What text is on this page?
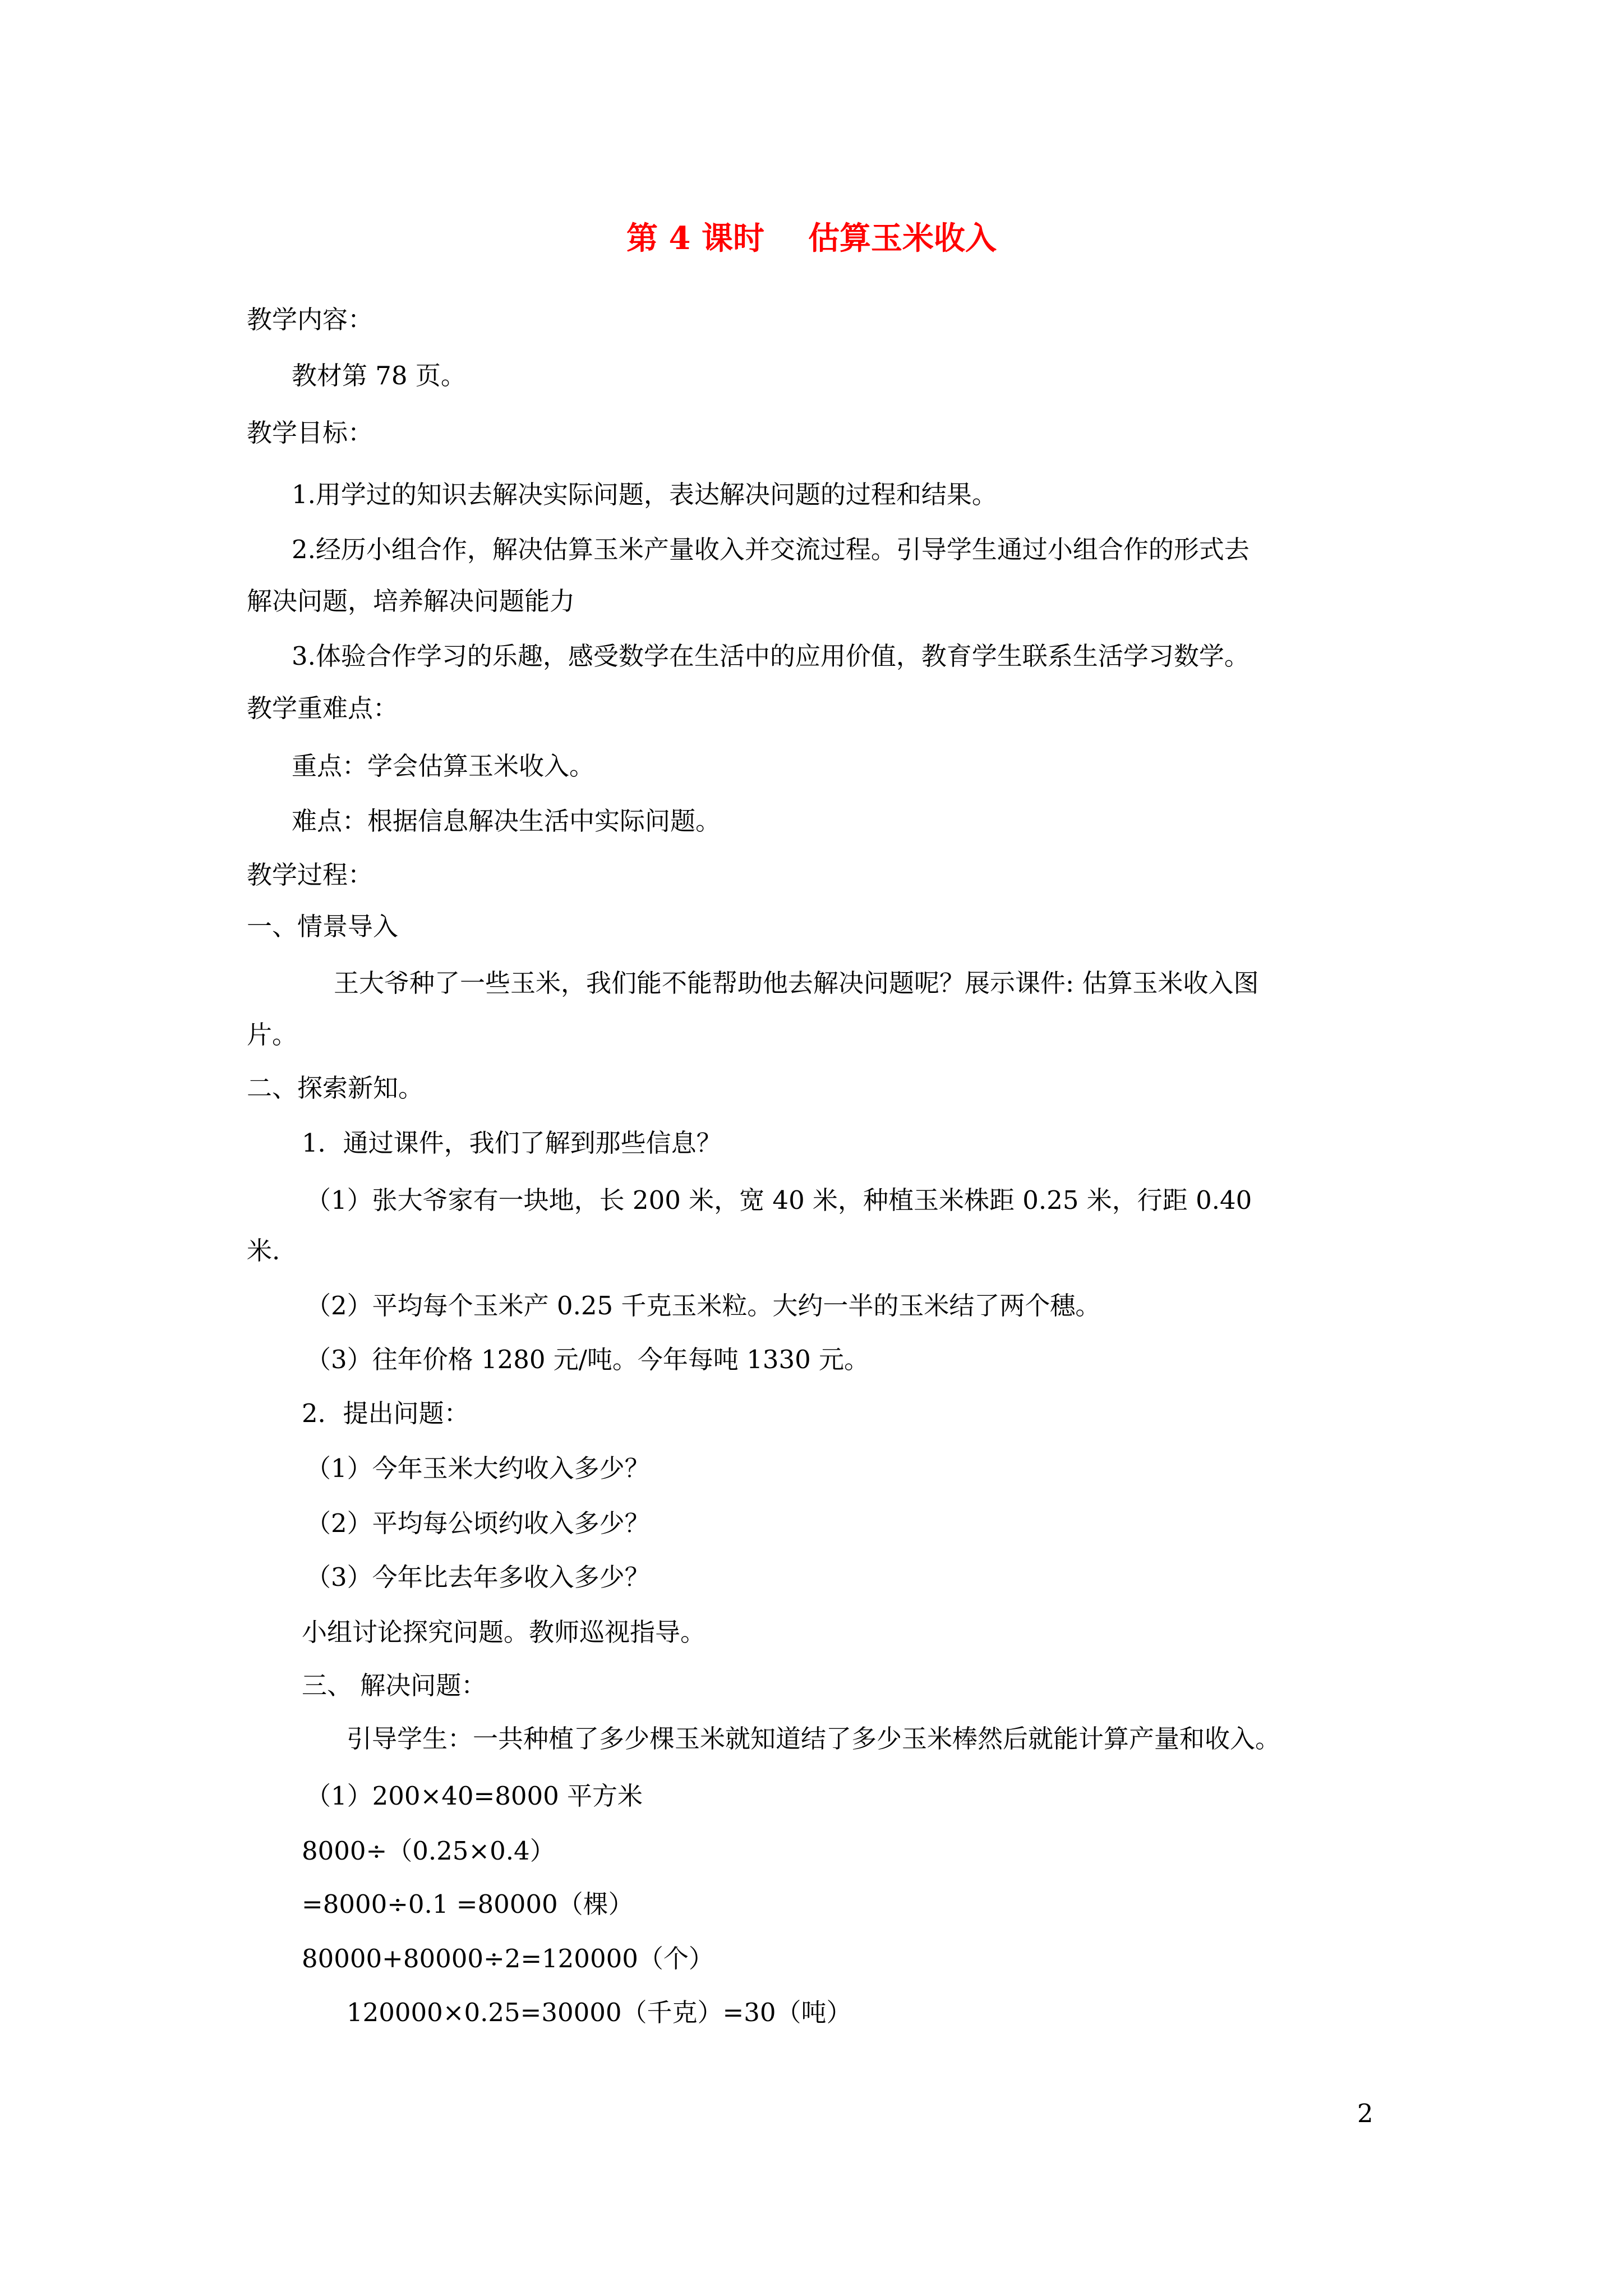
第 4 课时    估算玉米收入
教学内容：
教材第 78 页。
教学目标：
1.用学过的知识去解决实际问题，表达解决问题的过程和结果。
2.经历小组合作，解决估算玉米产量收入并交流过程。引导学生通过小组合作的形式去
解决问题，培养解决问题能力
3.体验合作学习的乐趣，感受数学在生活中的应用价值，教育学生联系生活学习数学。
教学重难点：
重点：学会估算玉米收入。
难点：根据信息解决生活中实际问题。
教学过程：
一、情景导入
王大爷种了一些玉米，我们能不能帮助他去解决问题呢？展示课件: 估算玉米收入图
片。
二、探索新知。
1．通过课件，我们了解到那些信息？
（1）张大爷家有一块地，长 200 米，宽 40 米，种植玉米株距 0.25 米，行距 0.40
米.
（2）平均每个玉米产 0.25 千克玉米粒。大约一半的玉米结了两个穗。
（3）往年价格 1280 元/吨。今年每吨 1330 元。
2．提出问题：
（1）今年玉米大约收入多少？
（2）平均每公顷约收入多少？
（3）今年比去年多收入多少？
小组讨论探究问题。教师巡视指导。
三、 解决问题：
引导学生：一共种植了多少棵玉米就知道结了多少玉米棒然后就能计算产量和收入。
（1）200×40=8000 平方米
8000÷（0.25×0.4）
=8000÷0.1 =80000（棵）
80000+80000÷2=120000（个）
120000×0.25=30000（千克）=30（吨）
2
